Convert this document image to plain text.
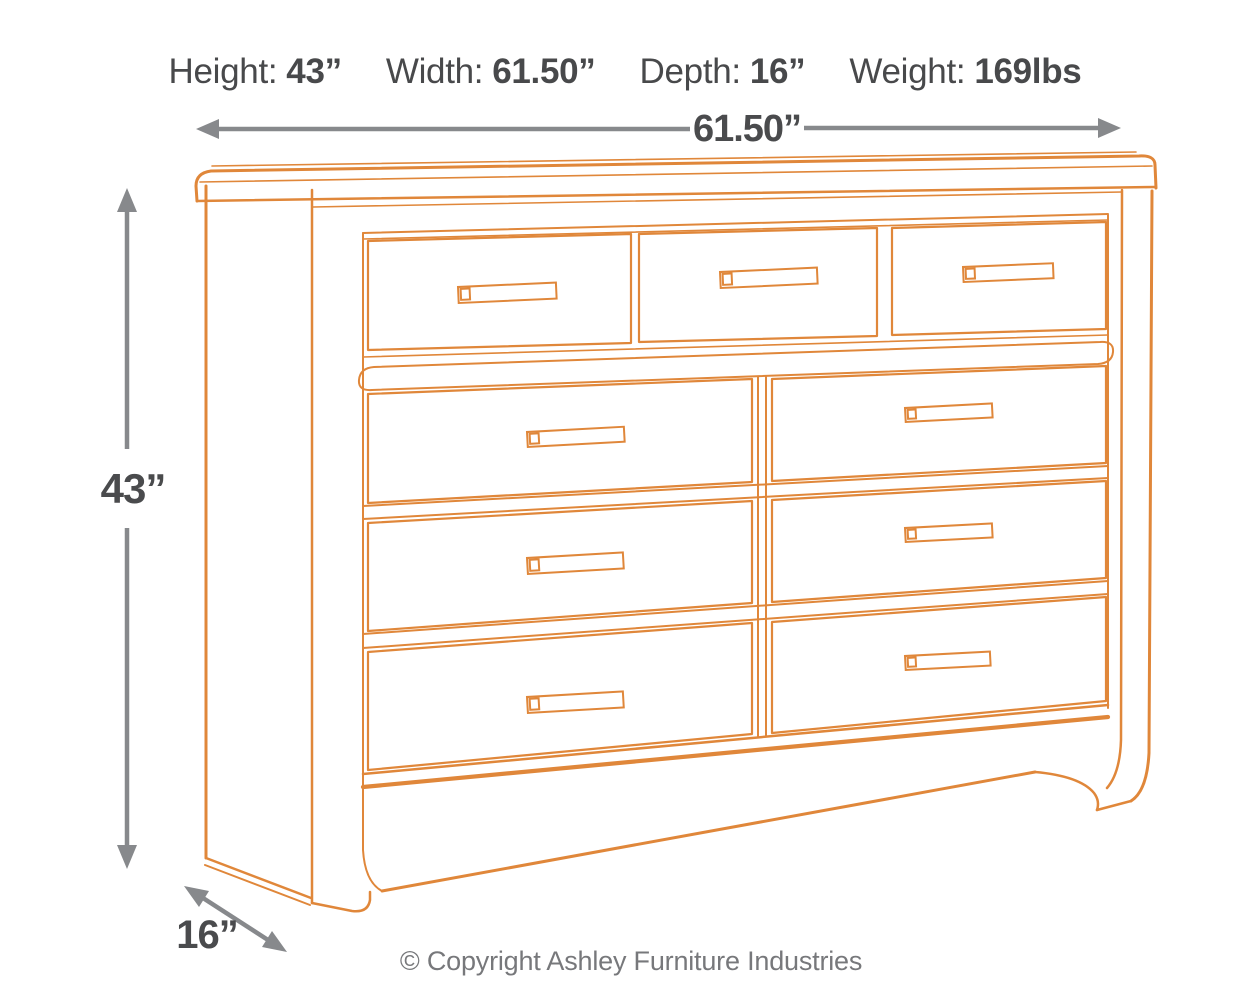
Height: 43” Width: 61.50” Depth: 16” Weight: 169lbs
61.50”
43”
16”
© Copyright Ashley Furniture Industries
